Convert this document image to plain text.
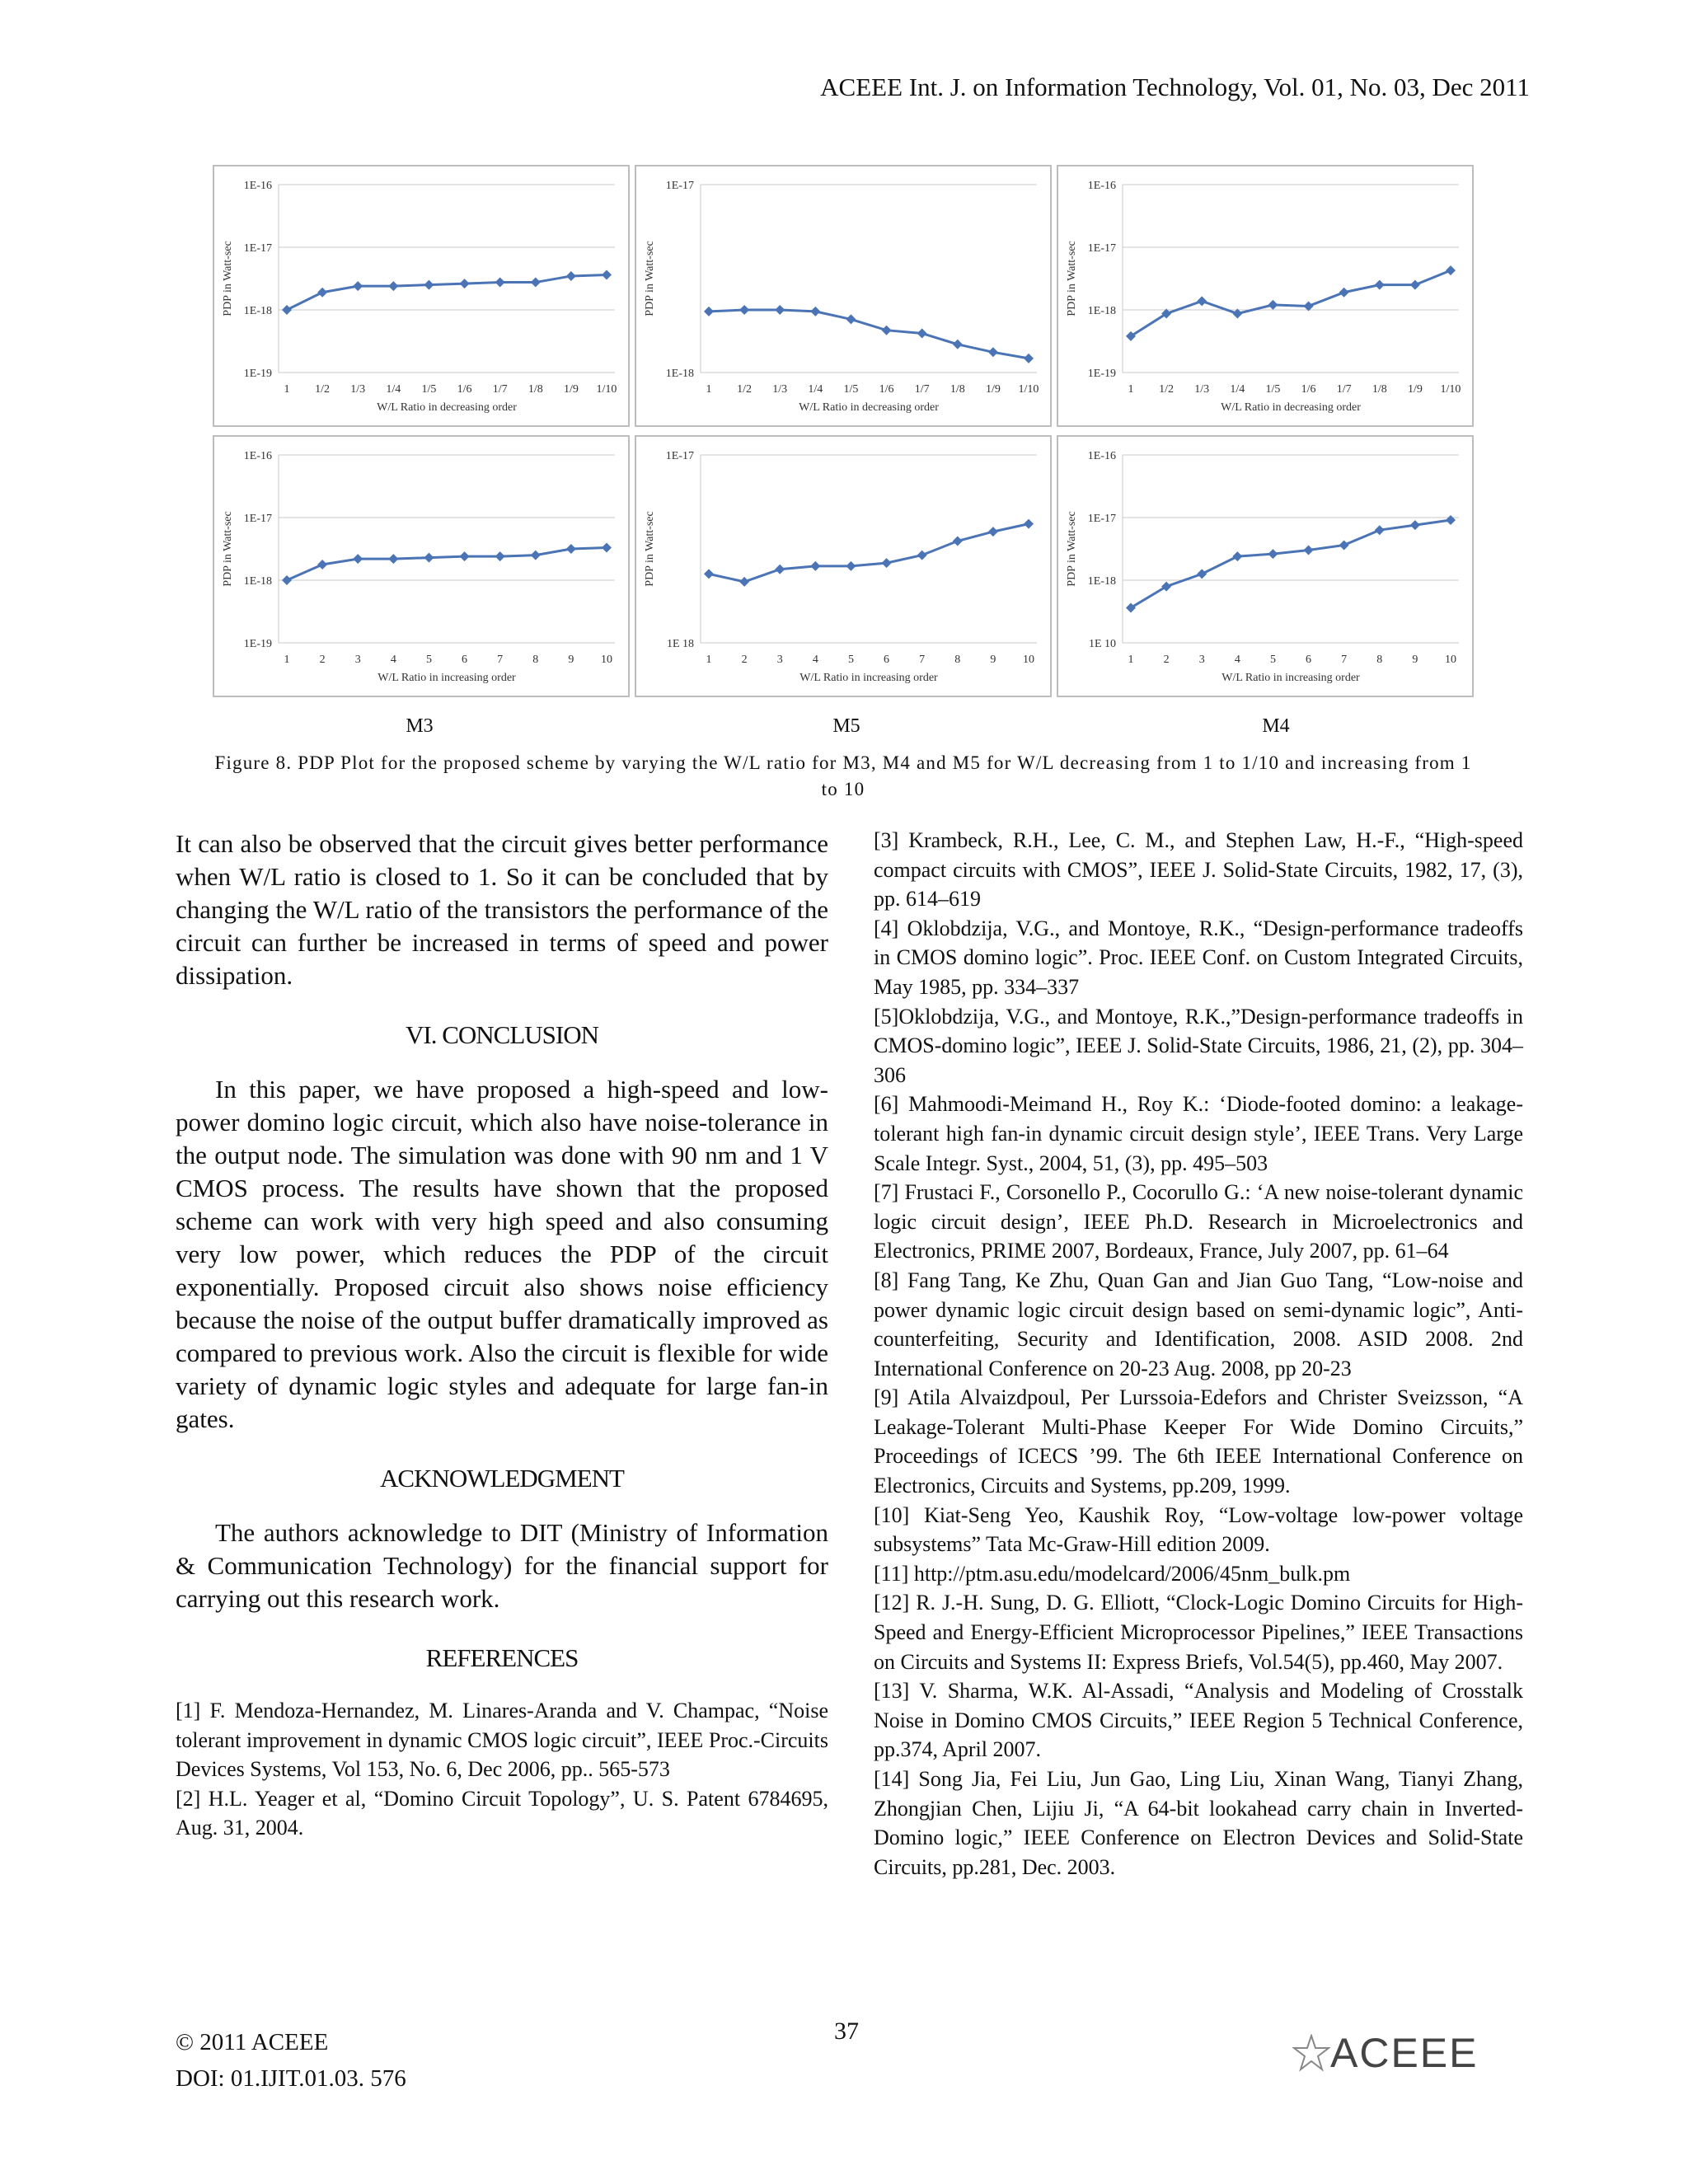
ACEEE Int. J. on Information Technology, Vol. 01, No. 03, Dec 2011
1E-16
1E-17
1E-18
1E-19
PDP in Watt-sec
1 1/2 1/3 1/4 1/5 1/6 1/7 1/8 1/9 1/10
W/L Ratio in decreasing order
1E-17
1E-18
PDP in Watt-sec
1 1/2 1/3 1/4 1/5 1/6 1/7 1/8 1/9 1/10
W/L Ratio in decreasing order
1E-16
1E-17
1E-18
1E-19
PDP in Watt-sec
1 1/2 1/3 1/4 1/5 1/6 1/7 1/8 1/9 1/10
W/L Ratio in decreasing order
1E-16
1E-17
1E-18
1E-19
PDP in Watt-sec
1	2	3	4	5	6	7	8	9 10
W/L Ratio in increasing order
1E-17
1E 18
PDP in Watt-sec
1	2	3	4	5	6	7	8	9 10
W/L Ratio in increasing order
1E-16
1E-17
1E-18
1E 10
PDP in Watt-sec
1	2	3	4	5	6	7	8	9 10
W/L Ratio in increasing order
M3	M5	M4
Figure 8. PDP Plot for the proposed scheme by varying the W/L ratio for M3, M4 and M5 for W/L decreasing from 1 to 1/10 and increasing from 1 to 10

It can also be observed that the circuit gives better performance when W/L ratio is closed to 1. So it can be concluded that by changing the W/L ratio of the transistors the performance of the circuit can further be increased in terms of speed and power dissipation.

VI. CONCLUSION

In this paper, we have proposed a high-speed and low-power domino logic circuit, which also have noise-tolerance in the output node. The simulation was done with 90 nm and 1 V CMOS process. The results have shown that the proposed scheme can work with very high speed and also consuming very low power, which reduces the PDP of the circuit exponentially. Proposed circuit also shows noise efficiency because the noise of the output buffer dramatically improved as compared to previous work. Also the circuit is flexible for wide variety of dynamic logic styles and adequate for large fan-in gates.

ACKNOWLEDGMENT

The authors acknowledge to DIT (Ministry of Information & Communication Technology) for the financial support for carrying out this research work.

REFERENCES

[1] F. Mendoza-Hernandez, M. Linares-Aranda and V. Champac, “Noise tolerant improvement in dynamic CMOS logic circuit”, IEEE Proc.-Circuits Devices Systems, Vol 153, No. 6, Dec 2006, pp.. 565-573

[2] H.L. Yeager et al, “Domino Circuit Topology”, U. S. Patent 6784695, Aug. 31, 2004.

[3] Krambeck, R.H., Lee, C. M., and Stephen Law, H.-F., “High-speed compact circuits with CMOS”, IEEE J. Solid-State Circuits, 1982, 17, (3), pp. 614–619

[4] Oklobdzija, V.G., and Montoye, R.K., “Design-performance tradeoffs in CMOS domino logic”. Proc. IEEE Conf. on Custom Integrated Circuits, May 1985, pp. 334–337

[5]Oklobdzija, V.G., and Montoye, R.K.,”Design-performance tradeoffs in CMOS-domino logic”, IEEE J. Solid-State Circuits, 1986, 21, (2), pp. 304–306

[6] Mahmoodi-Meimand H., Roy K.: ‘Diode-footed domino: a leakage-tolerant high fan-in dynamic circuit design style’, IEEE Trans. Very Large Scale Integr. Syst., 2004, 51, (3), pp. 495–503

[7] Frustaci F., Corsonello P., Cocorullo G.: ‘A new noise-tolerant dynamic logic circuit design’, IEEE Ph.D. Research in Microelectronics and Electronics, PRIME 2007, Bordeaux, France, July 2007, pp. 61–64

[8] Fang Tang, Ke Zhu, Quan Gan and Jian Guo Tang, “Low-noise and power dynamic logic circuit design based on semi-dynamic logic”, Anti-counterfeiting, Security and Identification, 2008. ASID 2008. 2nd International Conference on 20-23 Aug. 2008, pp 20-23

[9] Atila Alvaizdpoul, Per Lurssoia-Edefors and Christer Sveizsson, “A Leakage-Tolerant Multi-Phase Keeper For Wide Domino Circuits,” Proceedings of ICECS ’99. The 6th IEEE International Conference on Electronics, Circuits and Systems, pp.209, 1999.

[10] Kiat-Seng Yeo, Kaushik Roy, “Low-voltage low-power voltage subsystems” Tata Mc-Graw-Hill edition 2009.

[11] http://ptm.asu.edu/modelcard/2006/45nm_bulk.pm

[12] R. J.-H. Sung, D. G. Elliott, “Clock-Logic Domino Circuits for High-Speed and Energy-Efficient Microprocessor Pipelines,” IEEE Transactions on Circuits and Systems II: Express Briefs, Vol.54(5), pp.460, May 2007.

[13] V. Sharma, W.K. Al-Assadi, “Analysis and Modeling of Crosstalk Noise in Domino CMOS Circuits,” IEEE Region 5 Technical Conference, pp.374, April 2007.

[14] Song Jia, Fei Liu, Jun Gao, Ling Liu, Xinan Wang, Tianyi Zhang, Zhongjian Chen, Lijiu Ji, “A 64-bit lookahead carry chain in Inverted-Domino logic,” IEEE Conference on Electron Devices and Solid-State Circuits, pp.281, Dec. 2003.

© 2011 ACEEE
DOI: 01.IJIT.01.03. 576
37	ACEEE
